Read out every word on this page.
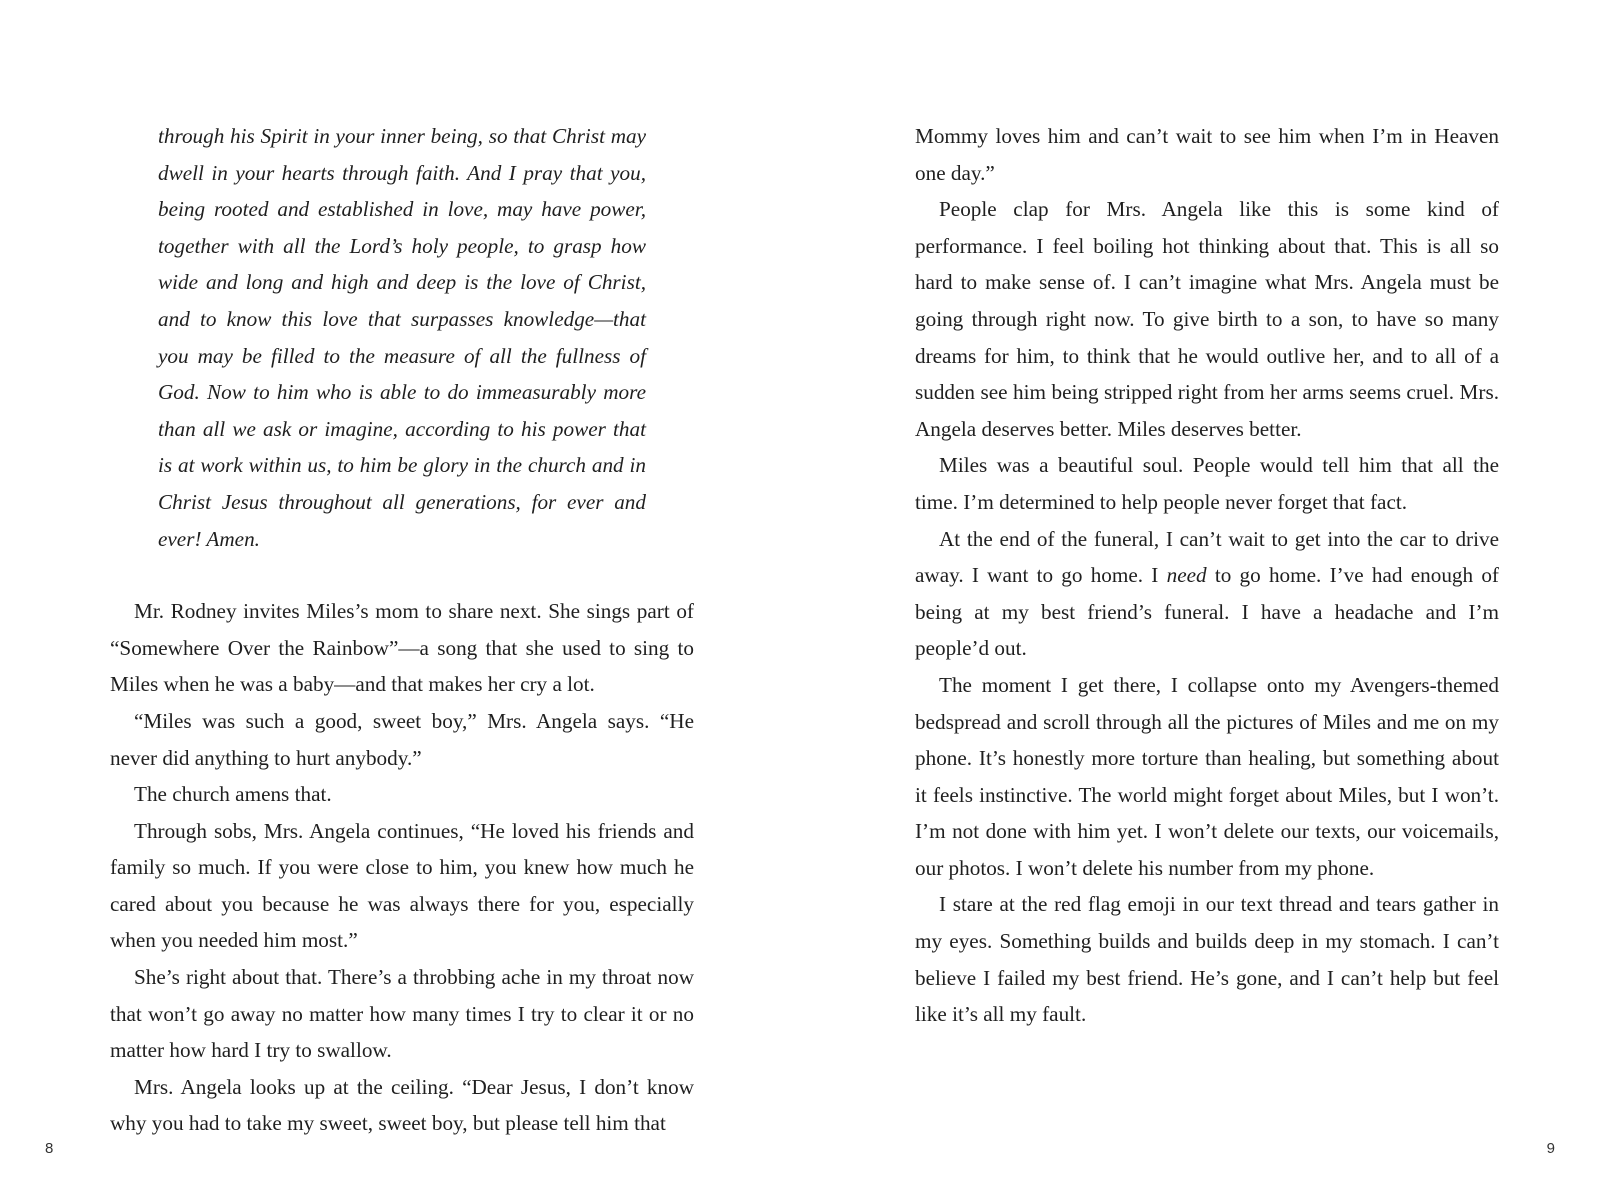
through his Spirit in your inner being, so that Christ may dwell in your hearts through faith. And I pray that you, being rooted and established in love, may have power, together with all the Lord’s holy people, to grasp how wide and long and high and deep is the love of Christ, and to know this love that surpasses knowledge—that you may be filled to the measure of all the fullness of God. Now to him who is able to do immeasurably more than all we ask or imagine, according to his power that is at work within us, to him be glory in the church and in Christ Jesus throughout all generations, for ever and ever! Amen.

Mr. Rodney invites Miles’s mom to share next. She sings part of “Somewhere Over the Rainbow”—a song that she used to sing to Miles when he was a baby—and that makes her cry a lot.

“Miles was such a good, sweet boy,” Mrs. Angela says. “He never did anything to hurt anybody.”

The church amens that.

Through sobs, Mrs. Angela continues, “He loved his friends and family so much. If you were close to him, you knew how much he cared about you because he was always there for you, especially when you needed him most.”

She’s right about that. There’s a throbbing ache in my throat now that won’t go away no matter how many times I try to clear it or no matter how hard I try to swallow.

Mrs. Angela looks up at the ceiling. “Dear Jesus, I don’t know why you had to take my sweet, sweet boy, but please tell him that

8

Mommy loves him and can’t wait to see him when I’m in Heaven one day.”

People clap for Mrs. Angela like this is some kind of performance. I feel boiling hot thinking about that. This is all so hard to make sense of. I can’t imagine what Mrs. Angela must be going through right now. To give birth to a son, to have so many dreams for him, to think that he would outlive her, and to all of a sudden see him being stripped right from her arms seems cruel. Mrs. Angela deserves better. Miles deserves better.

Miles was a beautiful soul. People would tell him that all the time. I’m determined to help people never forget that fact.

At the end of the funeral, I can’t wait to get into the car to drive away. I want to go home. I need to go home. I’ve had enough of being at my best friend’s funeral. I have a headache and I’m people’d out.

The moment I get there, I collapse onto my Avengers-themed bedspread and scroll through all the pictures of Miles and me on my phone. It’s honestly more torture than healing, but something about it feels instinctive. The world might forget about Miles, but I won’t. I’m not done with him yet. I won’t delete our texts, our voicemails, our photos. I won’t delete his number from my phone.

I stare at the red flag emoji in our text thread and tears gather in my eyes. Something builds and builds deep in my stomach. I can’t believe I failed my best friend. He’s gone, and I can’t help but feel like it’s all my fault.

9
